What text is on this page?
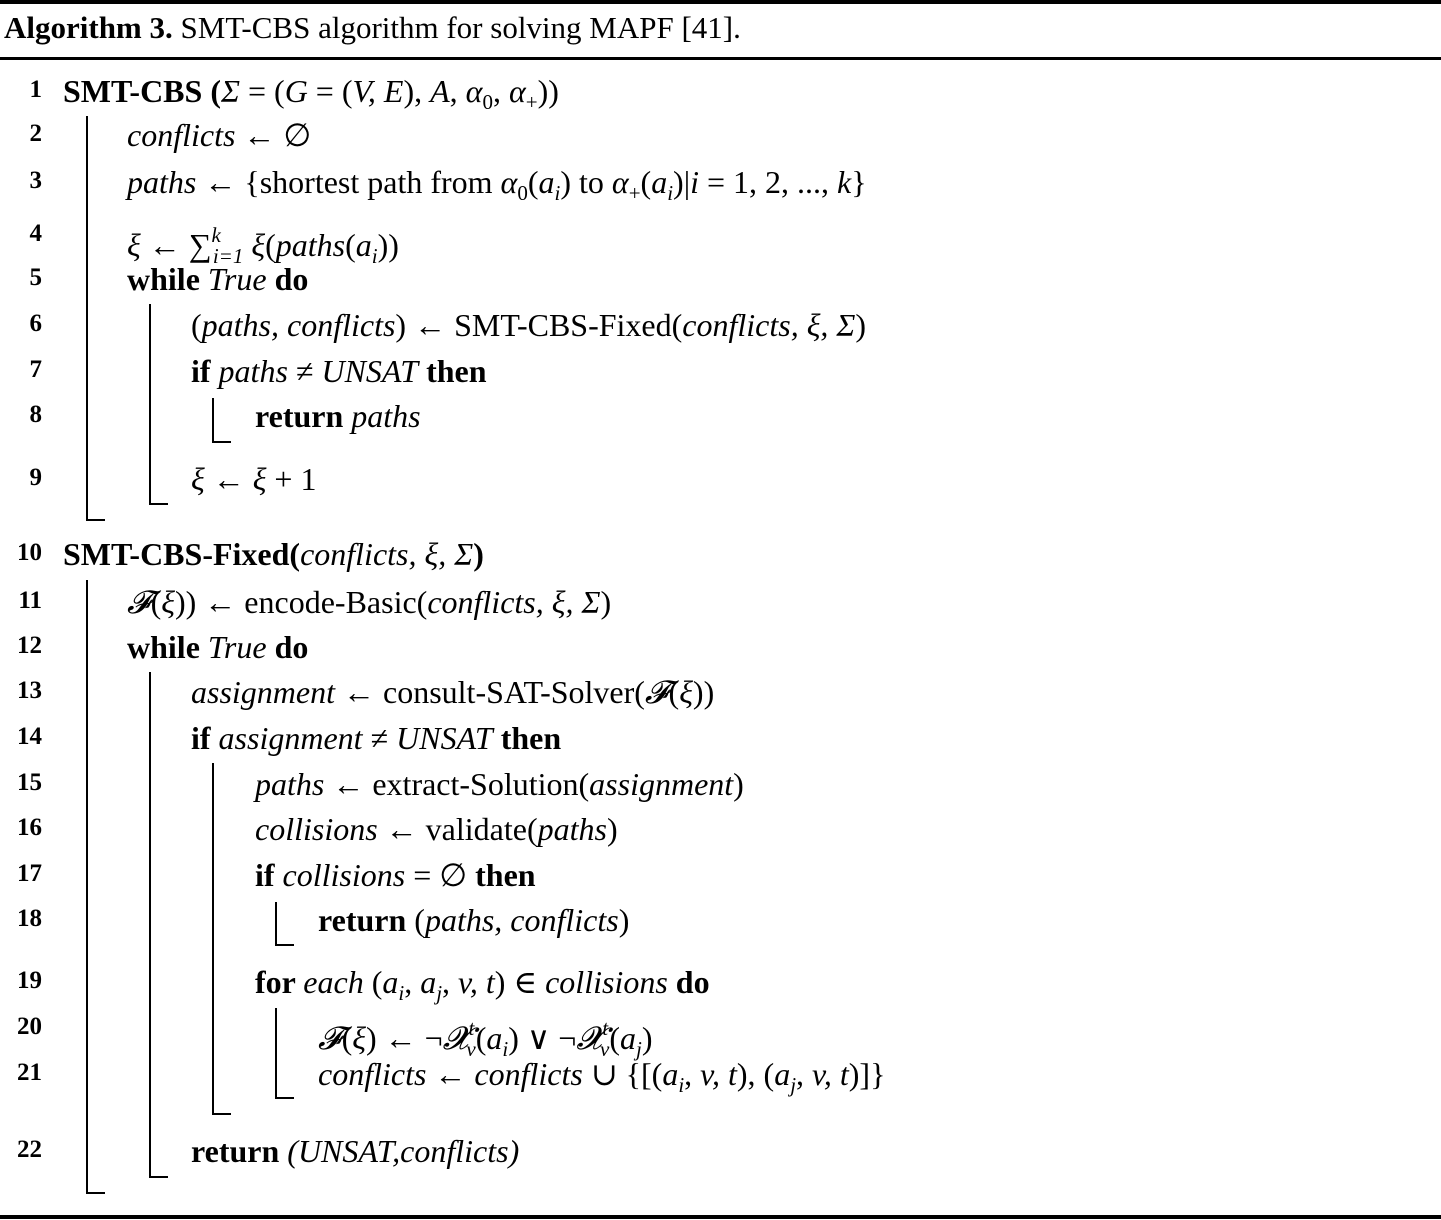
Algorithm 3. SMT-CBS algorithm for solving MAPF [41].
1 SMT-CBS (Σ = (G = (V, E), A, $\alpha_0$, $\alpha_+$))
2	conflicts ← ∅
3	paths ← {shortest path from $\alpha_0(a_i)$ to $\alpha_+(a_i)|i = 1$, 2, ..., k}
4	ξ ← ∑$^k_{i=1}$ $\xi(paths(a_i))$
5	while True do
6	(paths, conflicts) ← SMT-CBS-Fixed(conflicts, ξ, Σ)
7	if paths ≠ UNSAT then
8	return paths
9	ξ ← ξ + 1
10 SMT-CBS-Fixed(conflicts, ξ, Σ)
11	𝓕(ξ)) ← encode-Basic(conflicts, ξ, Σ)
12	while True do
13	assignment ← consult-SAT-Solver(𝓕(ξ))
14	if assignment ≠ UNSAT then
15	paths ← extract-Solution(assignment)
16	collisions ← validate(paths)
17	if collisions = ∅ then
18	return (paths, conflicts)
19	for each ($a_i$, $a_j$, v, t) ∈ collisions do
20	𝓕(ξ) ← $\neg 𝓧^t_v(a_i)$ ∨ $\neg 𝓧^t_v(a_j)$
21	conflicts ← conflicts ∪ {[($a_i$, v, t), ($a_j$, v, t)]}
22	return (UNSAT,conflicts)
